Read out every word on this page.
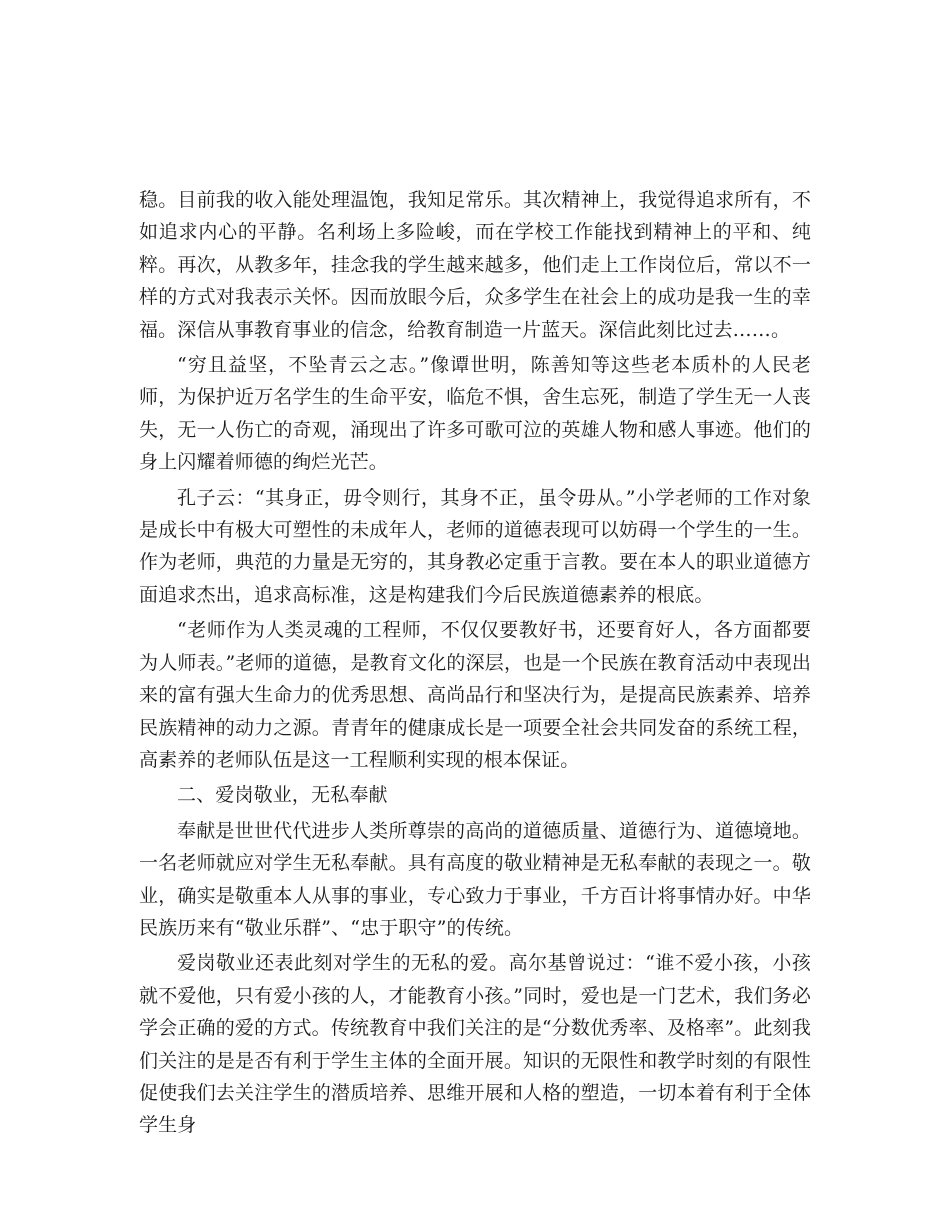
稳。目前我的收入能处理温饱，我知足常乐。其次精神上，我觉得追求所有，不如追求内心的平静。名利场上多险峻，而在学校工作能找到精神上的平和、纯粹。再次，从教多年，挂念我的学生越来越多，他们走上工作岗位后，常以不一样的方式对我表示关怀。因而放眼今后，众多学生在社会上的成功是我一生的幸福。深信从事教育事业的信念，给教育制造一片蓝天。深信此刻比过去……。

“穷且益坚，不坠青云之志。”像谭世明，陈善知等这些老本质朴的人民老师，为保护近万名学生的生命平安，临危不惧，舍生忘死，制造了学生无一人丧失，无一人伤亡的奇观，涌现出了许多可歌可泣的英雄人物和感人事迹。他们的身上闪耀着师德的绚烂光芒。

孔子云：“其身正，毋令则行，其身不正，虽令毋从。”小学老师的工作对象是成长中有极大可塑性的未成年人，老师的道德表现可以妨碍一个学生的一生。作为老师，典范的力量是无穷的，其身教必定重于言教。要在本人的职业道德方面追求杰出，追求高标准，这是构建我们今后民族道德素养的根底。

“老师作为人类灵魂的工程师，不仅仅要教好书，还要育好人，各方面都要为人师表。”老师的道德，是教育文化的深层，也是一个民族在教育活动中表现出来的富有强大生命力的优秀思想、高尚品行和坚决行为，是提高民族素养、培养民族精神的动力之源。青青年的健康成长是一项要全社会共同发奋的系统工程，高素养的老师队伍是这一工程顺利实现的根本保证。

二、爱岗敬业，无私奉献

奉献是世世代代进步人类所尊崇的高尚的道德质量、道德行为、道德境地。一名老师就应对学生无私奉献。具有高度的敬业精神是无私奉献的表现之一。敬业，确实是敬重本人从事的事业，专心致力于事业，千方百计将事情办好。中华民族历来有“敬业乐群”、“忠于职守”的传统。

爱岗敬业还表此刻对学生的无私的爱。高尔基曾说过：“谁不爱小孩，小孩就不爱他，只有爱小孩的人，才能教育小孩。”同时，爱也是一门艺术，我们务必学会正确的爱的方式。传统教育中我们关注的是“分数优秀率、及格率”。此刻我们关注的是是否有利于学生主体的全面开展。知识的无限性和教学时刻的有限性促使我们去关注学生的潜质培养、思维开展和人格的塑造，一切本着有利于全体学生身
